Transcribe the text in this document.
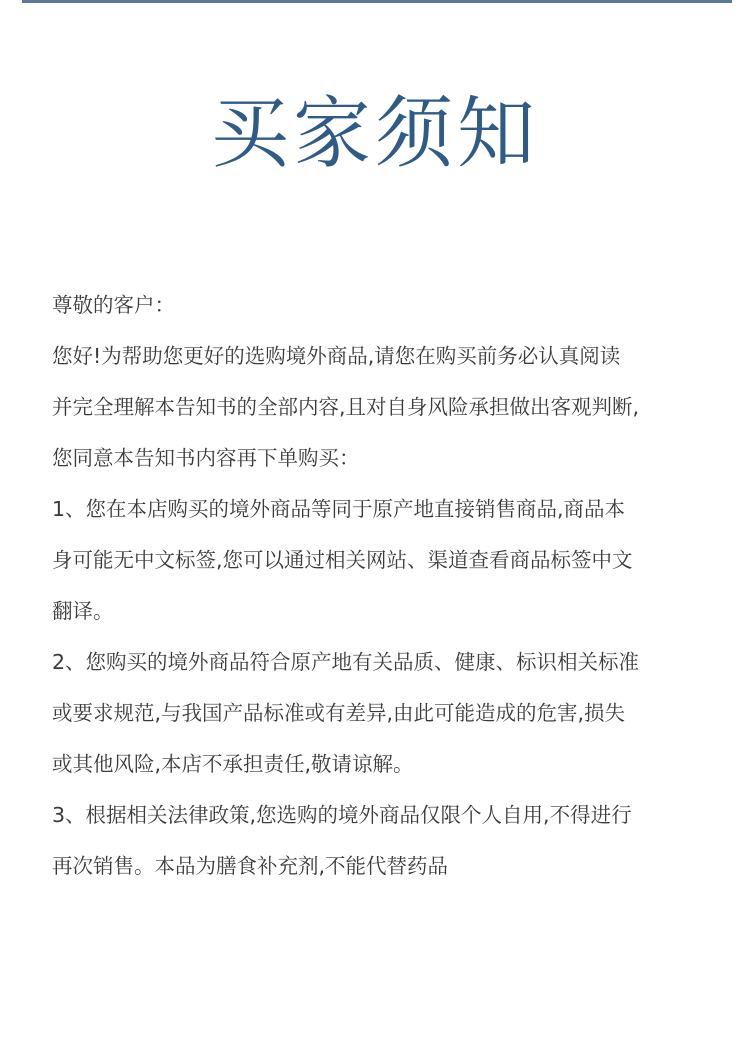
买家须知

尊敬的客户：

您好!为帮助您更好的选购境外商品,请您在购买前务必认真阅读

并完全理解本告知书的全部内容,且对自身风险承担做出客观判断,

您同意本告知书内容再下单购买：

1、您在本店购买的境外商品等同于原产地直接销售商品,商品本

身可能无中文标签,您可以通过相关网站、渠道查看商品标签中文

翻译。

2、您购买的境外商品符合原产地有关品质、健康、标识相关标准

或要求规范,与我国产品标准或有差异,由此可能造成的危害,损失

或其他风险,本店不承担责任,敬请谅解。

3、根据相关法律政策,您选购的境外商品仅限个人自用,不得进行

再次销售。本品为膳食补充剂,不能代替药品
